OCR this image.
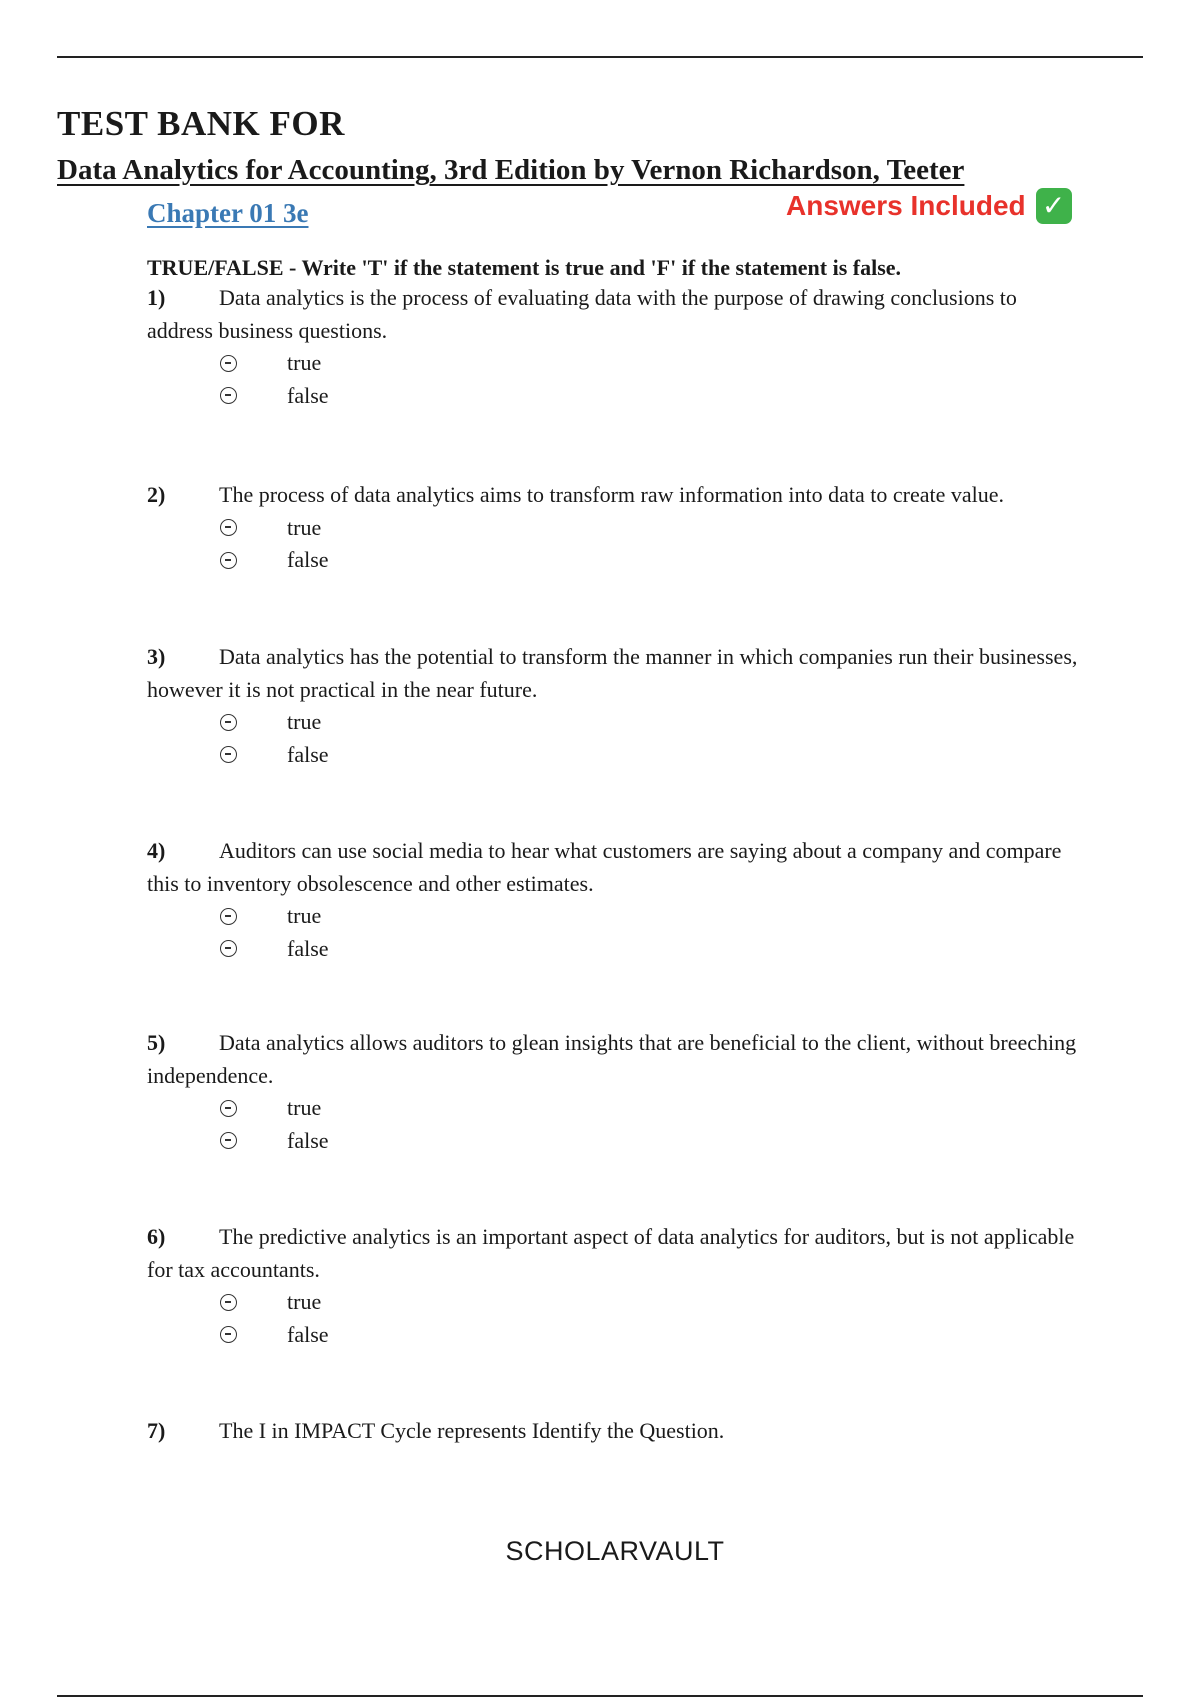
TEST BANK FOR
Data Analytics for Accounting, 3rd Edition by Vernon Richardson, Teeter
Chapter 01 3e	Answers Included ✓
TRUE/FALSE - Write 'T' if the statement is true and 'F' if the statement is false.

1) Data analytics is the process of evaluating data with the purpose of drawing conclusions to address business questions.

true
false

2) The process of data analytics aims to transform raw information into data to create value.

true
false

3) Data analytics has the potential to transform the manner in which companies run their businesses, however it is not practical in the near future.

true
false

4) Auditors can use social media to hear what customers are saying about a company and compare this to inventory obsolescence and other estimates.

true
false

5) Data analytics allows auditors to glean insights that are beneficial to the client, without breeching independence.

true
false

6) The predictive analytics is an important aspect of data analytics for auditors, but is not applicable for tax accountants.

true
false

7) The I in IMPACT Cycle represents Identify the Question.

SCHOLARVAULT
